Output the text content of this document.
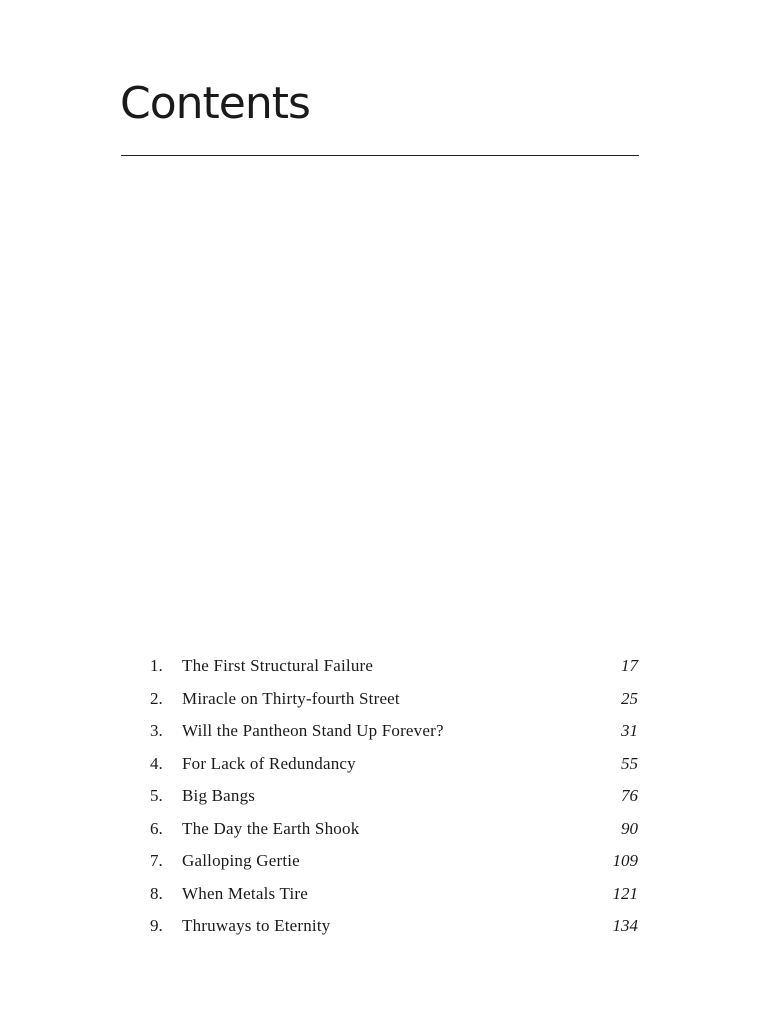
Contents
1.	The First Structural Failure	17
2.	Miracle on Thirty-fourth Street	25
3.	Will the Pantheon Stand Up Forever?	31
4.	For Lack of Redundancy	55
5.	Big Bangs	76
6.	The Day the Earth Shook	90
7.	Galloping Gertie	109
8.	When Metals Tire	121
9.	Thruways to Eternity	134
